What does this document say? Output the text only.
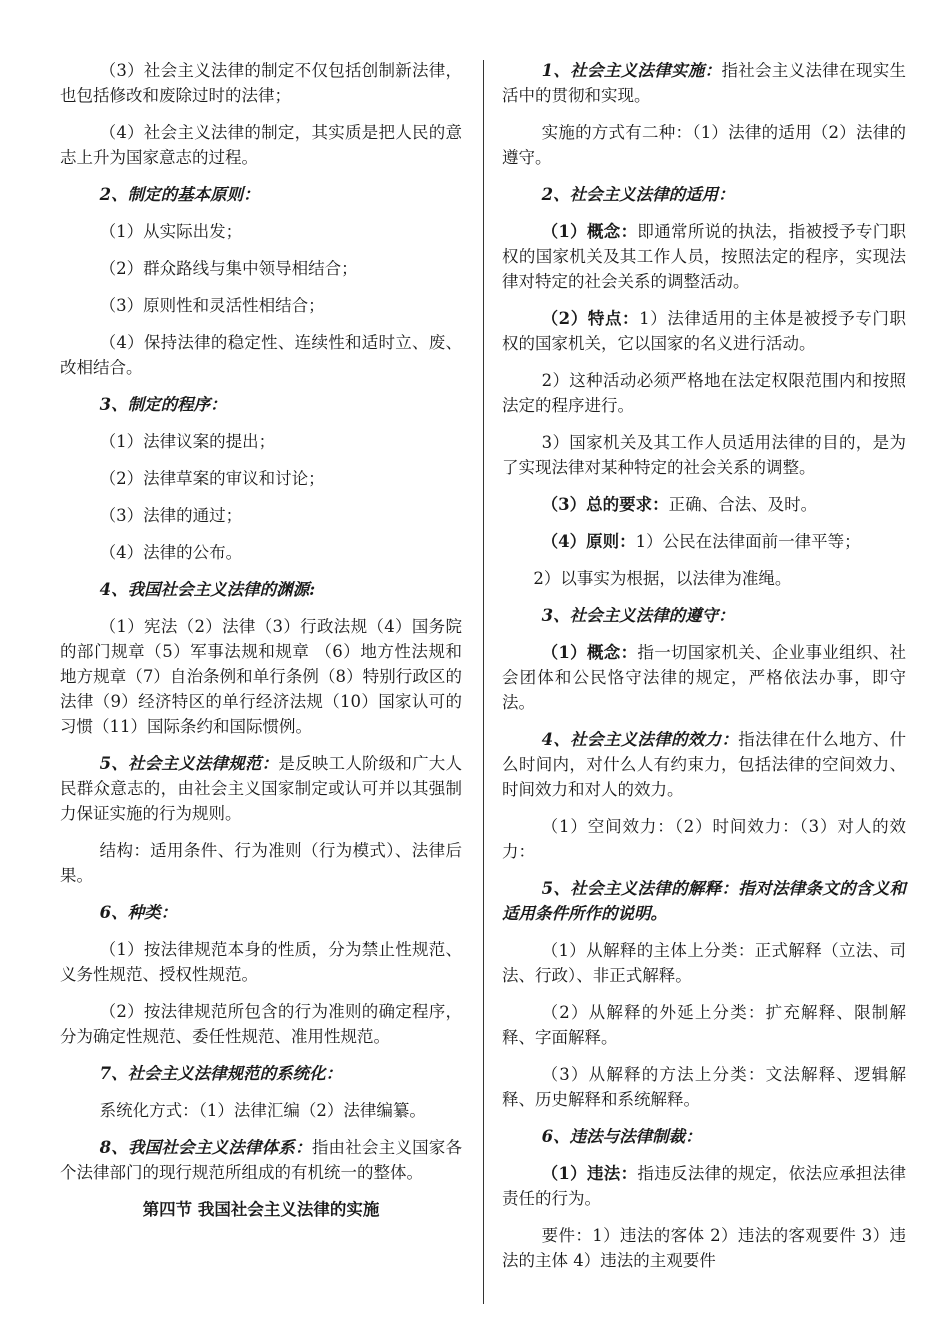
（3）社会主义法律的制定不仅包括创制新法律，也包括修改和废除过时的法律；

（4）社会主义法律的制定，其实质是把人民的意志上升为国家意志的过程。

2、制定的基本原则：

（1）从实际出发；

（2）群众路线与集中领导相结合；

（3）原则性和灵活性相结合；

（4）保持法律的稳定性、连续性和适时立、废、改相结合。

3、制定的程序：

（1）法律议案的提出；

（2）法律草案的审议和讨论；

（3）法律的通过；

（4）法律的公布。

4、我国社会主义法律的渊源:

（1）宪法（2）法律（3）行政法规（4）国务院的部门规章（5）军事法规和规章 （6）地方性法规和地方规章（7）自治条例和单行条例（8）特别行政区的法律（9）经济特区的单行经济法规（10）国家认可的习惯（11）国际条约和国际惯例。

5、社会主义法律规范：是反映工人阶级和广大人民群众意志的，由社会主义国家制定或认可并以其强制力保证实施的行为规则。

结构：适用条件、行为准则（行为模式）、法律后果。

6、种类：

（1）按法律规范本身的性质，分为禁止性规范、义务性规范、授权性规范。

（2）按法律规范所包含的行为准则的确定程序，分为确定性规范、委任性规范、准用性规范。

7、社会主义法律规范的系统化：

系统化方式：（1）法律汇编（2）法律编纂。

8、我国社会主义法律体系：指由社会主义国家各个法律部门的现行规范所组成的有机统一的整体。

第四节 我国社会主义法律的实施

1、社会主义法律实施：指社会主义法律在现实生活中的贯彻和实现。

实施的方式有二种：（1）法律的适用（2）法律的遵守。

2、社会主义法律的适用：

（1）概念：即通常所说的执法，指被授予专门职权的国家机关及其工作人员，按照法定的程序，实现法律对特定的社会关系的调整活动。

（2）特点：1）法律适用的主体是被授予专门职权的国家机关，它以国家的名义进行活动。

2）这种活动必须严格地在法定权限范围内和按照法定的程序进行。

3）国家机关及其工作人员适用法律的目的，是为了实现法律对某种特定的社会关系的调整。

（3）总的要求：正确、合法、及时。

（4）原则：1）公民在法律面前一律平等；

2）以事实为根据，以法律为准绳。

3、社会主义法律的遵守：

（1）概念：指一切国家机关、企业事业组织、社会团体和公民恪守法律的规定，严格依法办事，即守法。

4、社会主义法律的效力：指法律在什么地方、什么时间内，对什么人有约束力，包括法律的空间效力、时间效力和对人的效力。

（1）空间效力：（2）时间效力：（3）对人的效力：

5、社会主义法律的解释：指对法律条文的含义和适用条件所作的说明。

（1）从解释的主体上分类：正式解释（立法、司法、行政）、非正式解释。

（2）从解释的外延上分类：扩充解释、限制解释、字面解释。

（3）从解释的方法上分类：文法解释、逻辑解释、历史解释和系统解释。

6、违法与法律制裁：

（1）违法：指违反法律的规定，依法应承担法律责任的行为。

要件：1）违法的客体 2）违法的客观要件 3）违法的主体 4）违法的主观要件
